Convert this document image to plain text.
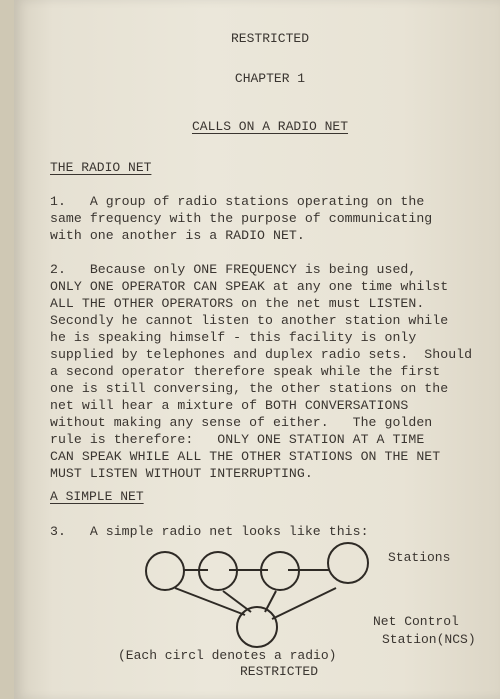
RESTRICTED
CHAPTER 1
CALLS ON A RADIO NET
THE RADIO NET
1.   A group of radio stations operating on the
same frequency with the purpose of communicating
with one another is a RADIO NET.
2.   Because only ONE FREQUENCY is being used,
ONLY ONE OPERATOR CAN SPEAK at any one time whilst
ALL THE OTHER OPERATORS on the net must LISTEN.
Secondly he cannot listen to another station while
he is speaking himself - this facility is only
supplied by telephones and duplex radio sets.  Should
a second operator therefore speak while the first
one is still conversing, the other stations on the
net will hear a mixture of BOTH CONVERSATIONS
without making any sense of either.   The golden
rule is therefore:   ONLY ONE STATION AT A TIME
CAN SPEAK WHILE ALL THE OTHER STATIONS ON THE NET
MUST LISTEN WITHOUT INTERRUPTING.
A SIMPLE NET
3.   A simple radio net looks like this:
Stations
Net Control
Station(NCS)
(Each circl denotes a radio)
RESTRICTED
